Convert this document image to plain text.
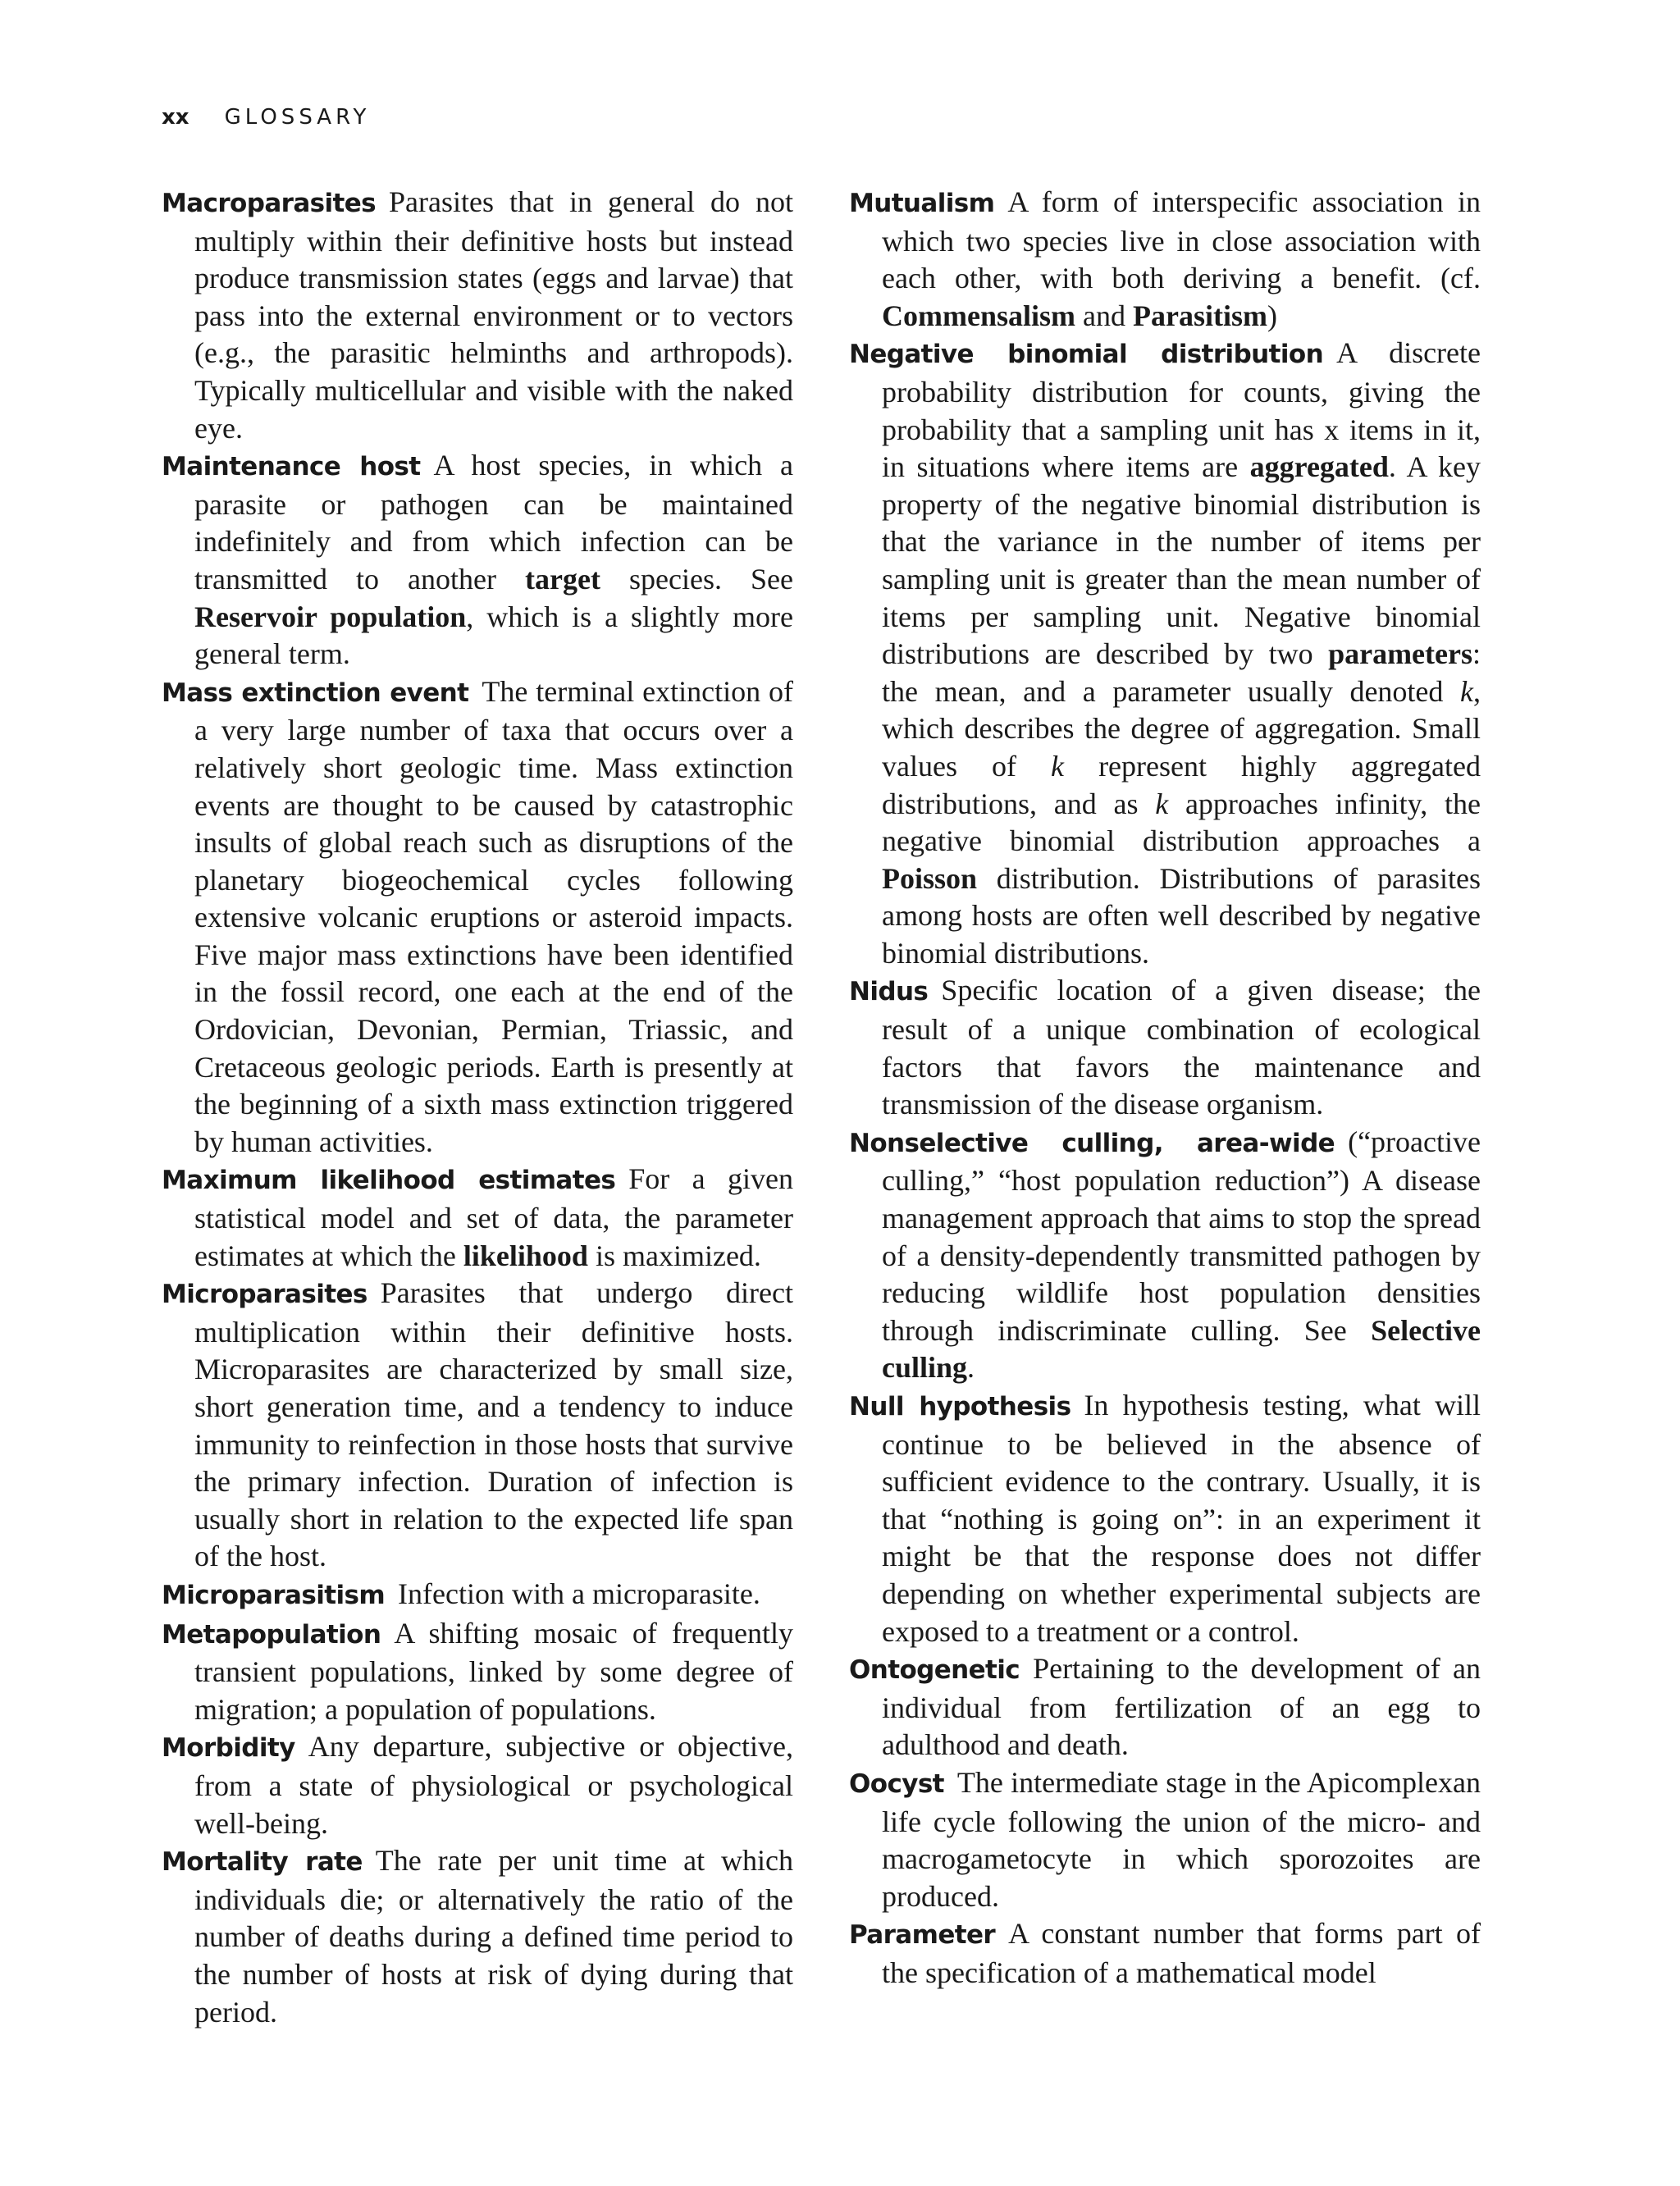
xx GLOSSARY

Macroparasites Parasites that in general do not multiply within their definitive hosts but instead produce transmission states (eggs and larvae) that pass into the external environment or to vectors (e.g., the parasitic helminths and arthropods). Typically multicellular and visible with the naked eye.

Maintenance host A host species, in which a parasite or pathogen can be maintained indefinitely and from which infection can be transmitted to another target species. See Reservoir population, which is a slightly more general term.

Mass extinction event The terminal extinction of a very large number of taxa that occurs over a relatively short geologic time. Mass extinction events are thought to be caused by catastrophic insults of global reach such as disruptions of the planetary biogeochemical cycles following extensive volcanic eruptions or asteroid impacts. Five major mass extinctions have been identified in the fossil record, one each at the end of the Ordovician, Devonian, Permian, Triassic, and Cretaceous geologic periods. Earth is presently at the beginning of a sixth mass extinction triggered by human activities.

Maximum likelihood estimates For a given statistical model and set of data, the parameter estimates at which the likelihood is maximized.

Microparasites Parasites that undergo direct multiplication within their definitive hosts. Microparasites are characterized by small size, short generation time, and a tendency to induce immunity to reinfection in those hosts that survive the primary infection. Duration of infection is usually short in relation to the expected life span of the host.

Microparasitism Infection with a microparasite.

Metapopulation A shifting mosaic of frequently transient populations, linked by some degree of migration; a population of populations.

Morbidity Any departure, subjective or objective, from a state of physiological or psychological well-being.

Mortality rate The rate per unit time at which individuals die; or alternatively the ratio of the number of deaths during a defined time period to the number of hosts at risk of dying during that period.

Mutualism A form of interspecific association in which two species live in close association with each other, with both deriving a benefit. (cf. Commensalism and Parasitism)

Negative binomial distribution A discrete probability distribution for counts, giving the probability that a sampling unit has x items in it, in situations where items are aggregated. A key property of the negative binomial distribution is that the variance in the number of items per sampling unit is greater than the mean number of items per sampling unit. Negative binomial distributions are described by two parameters: the mean, and a parameter usually denoted k, which describes the degree of aggregation. Small values of k represent highly aggregated distributions, and as k approaches infinity, the negative binomial distribution approaches a Poisson distribution. Distributions of parasites among hosts are often well described by negative binomial distributions.

Nidus Specific location of a given disease; the result of a unique combination of ecological factors that favors the maintenance and transmission of the disease organism.

Nonselective culling, area-wide (“proactive culling,” “host population reduction”) A disease management approach that aims to stop the spread of a density-dependently transmitted pathogen by reducing wildlife host population densities through indiscriminate culling. See Selective culling.

Null hypothesis In hypothesis testing, what will continue to be believed in the absence of sufficient evidence to the contrary. Usually, it is that “nothing is going on”: in an experiment it might be that the response does not differ depending on whether experimental subjects are exposed to a treatment or a control.

Ontogenetic Pertaining to the development of an individual from fertilization of an egg to adulthood and death.

Oocyst The intermediate stage in the Apicomplexan life cycle following the union of the micro- and macrogametocyte in which sporozoites are produced.

Parameter A constant number that forms part of the specification of a mathematical model
